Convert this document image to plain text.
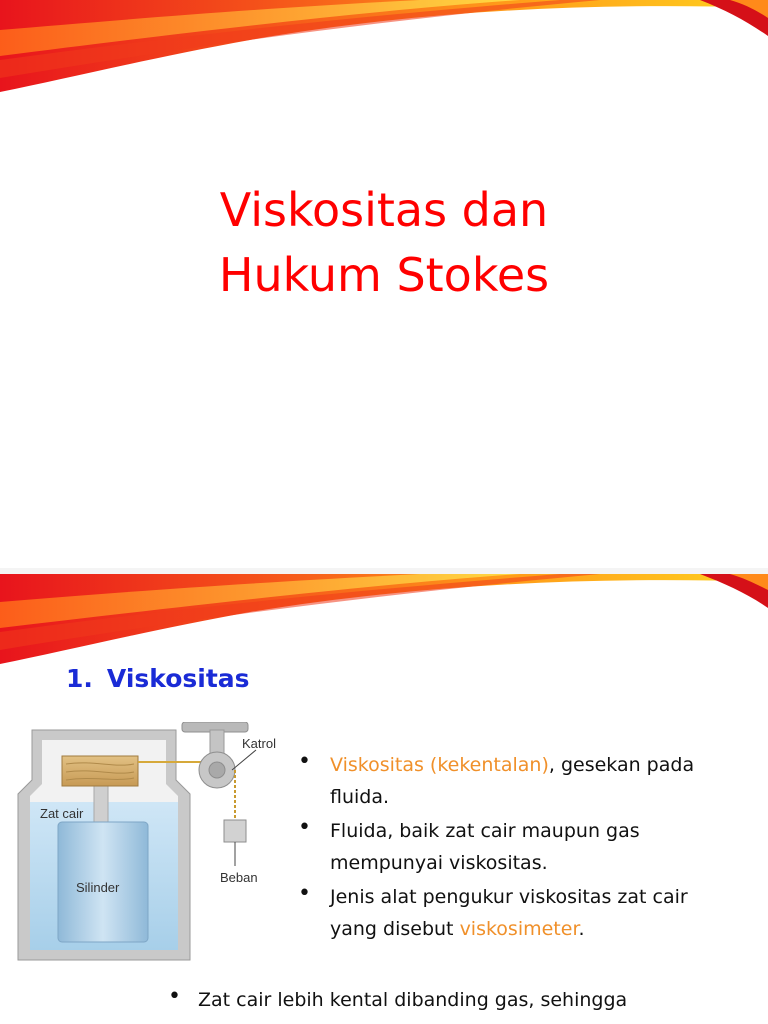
Viskositas dan
Hukum Stokes
1. Viskositas
Katrol
Zat cair
Silinder
Beban
• Viskositas (kekentalan), gesekan pada fluida.
• Fluida, baik zat cair maupun gas mempunyai viskositas.
• Jenis alat pengukur viskositas zat cair yang disebut viskosimeter.
• Zat cair lebih kental dibanding gas, sehingga
